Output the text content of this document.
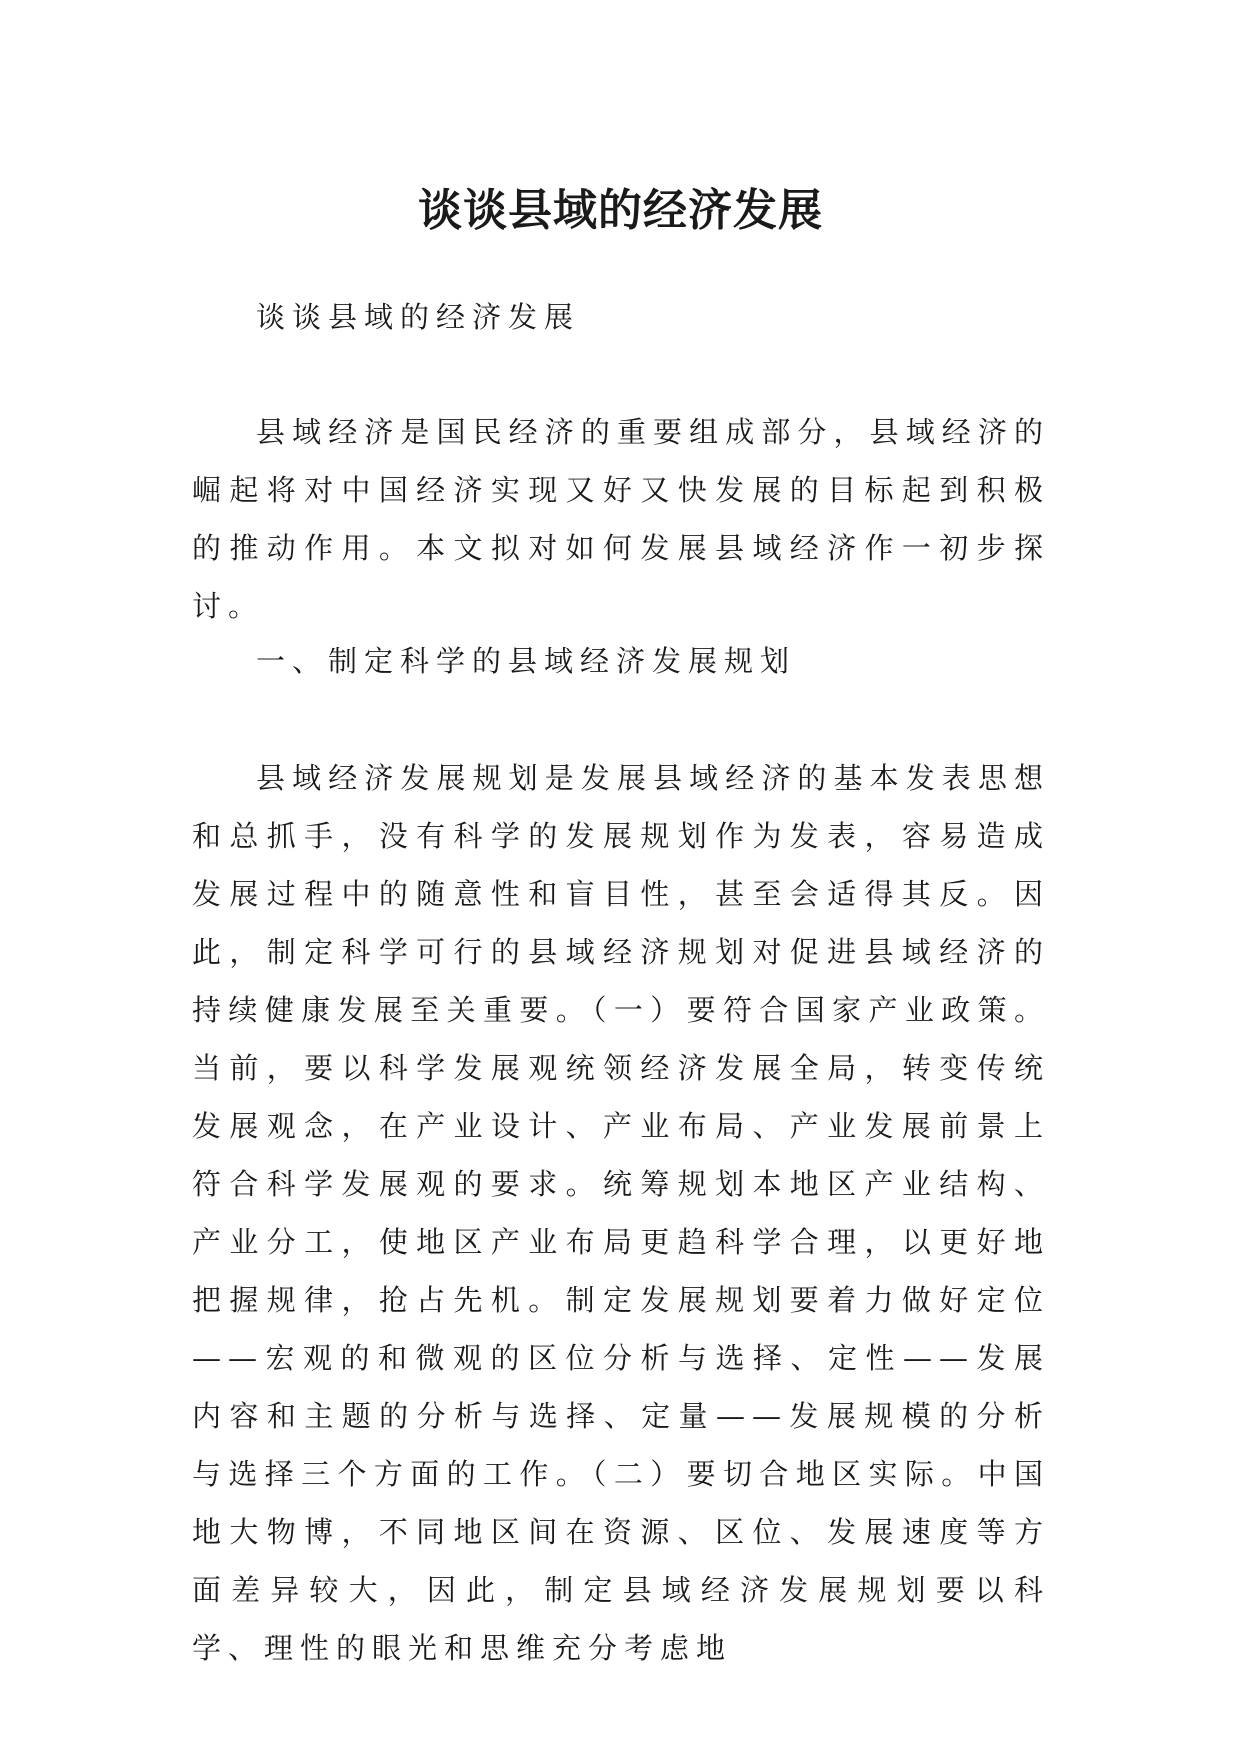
谈谈县域的经济发展

谈谈县域的经济发展

县域经济是国民经济的重要组成部分，县域经济的崛起将对中国经济实现又好又快发展的目标起到积极的推动作用。本文拟对如何发展县域经济作一初步探讨。

一、制定科学的县域经济发展规划

县域经济发展规划是发展县域经济的基本发表思想和总抓手，没有科学的发展规划作为发表，容易造成发展过程中的随意性和盲目性，甚至会适得其反。因此，制定科学可行的县域经济规划对促进县域经济的持续健康发展至关重要。（一）要符合国家产业政策。当前，要以科学发展观统领经济发展全局，转变传统发展观念，在产业设计、产业布局、产业发展前景上符合科学发展观的要求。统筹规划本地区产业结构、产业分工，使地区产业布局更趋科学合理，以更好地把握规律，抢占先机。制定发展规划要着力做好定位——宏观的和微观的区位分析与选择、定性——发展内容和主题的分析与选择、定量——发展规模的分析与选择三个方面的工作。（二）要切合地区实际。中国地大物博，不同地区间在资源、区位、发展速度等方面差异较大，因此，制定县域经济发展规划要以科学、理性的眼光和思维充分考虑地
